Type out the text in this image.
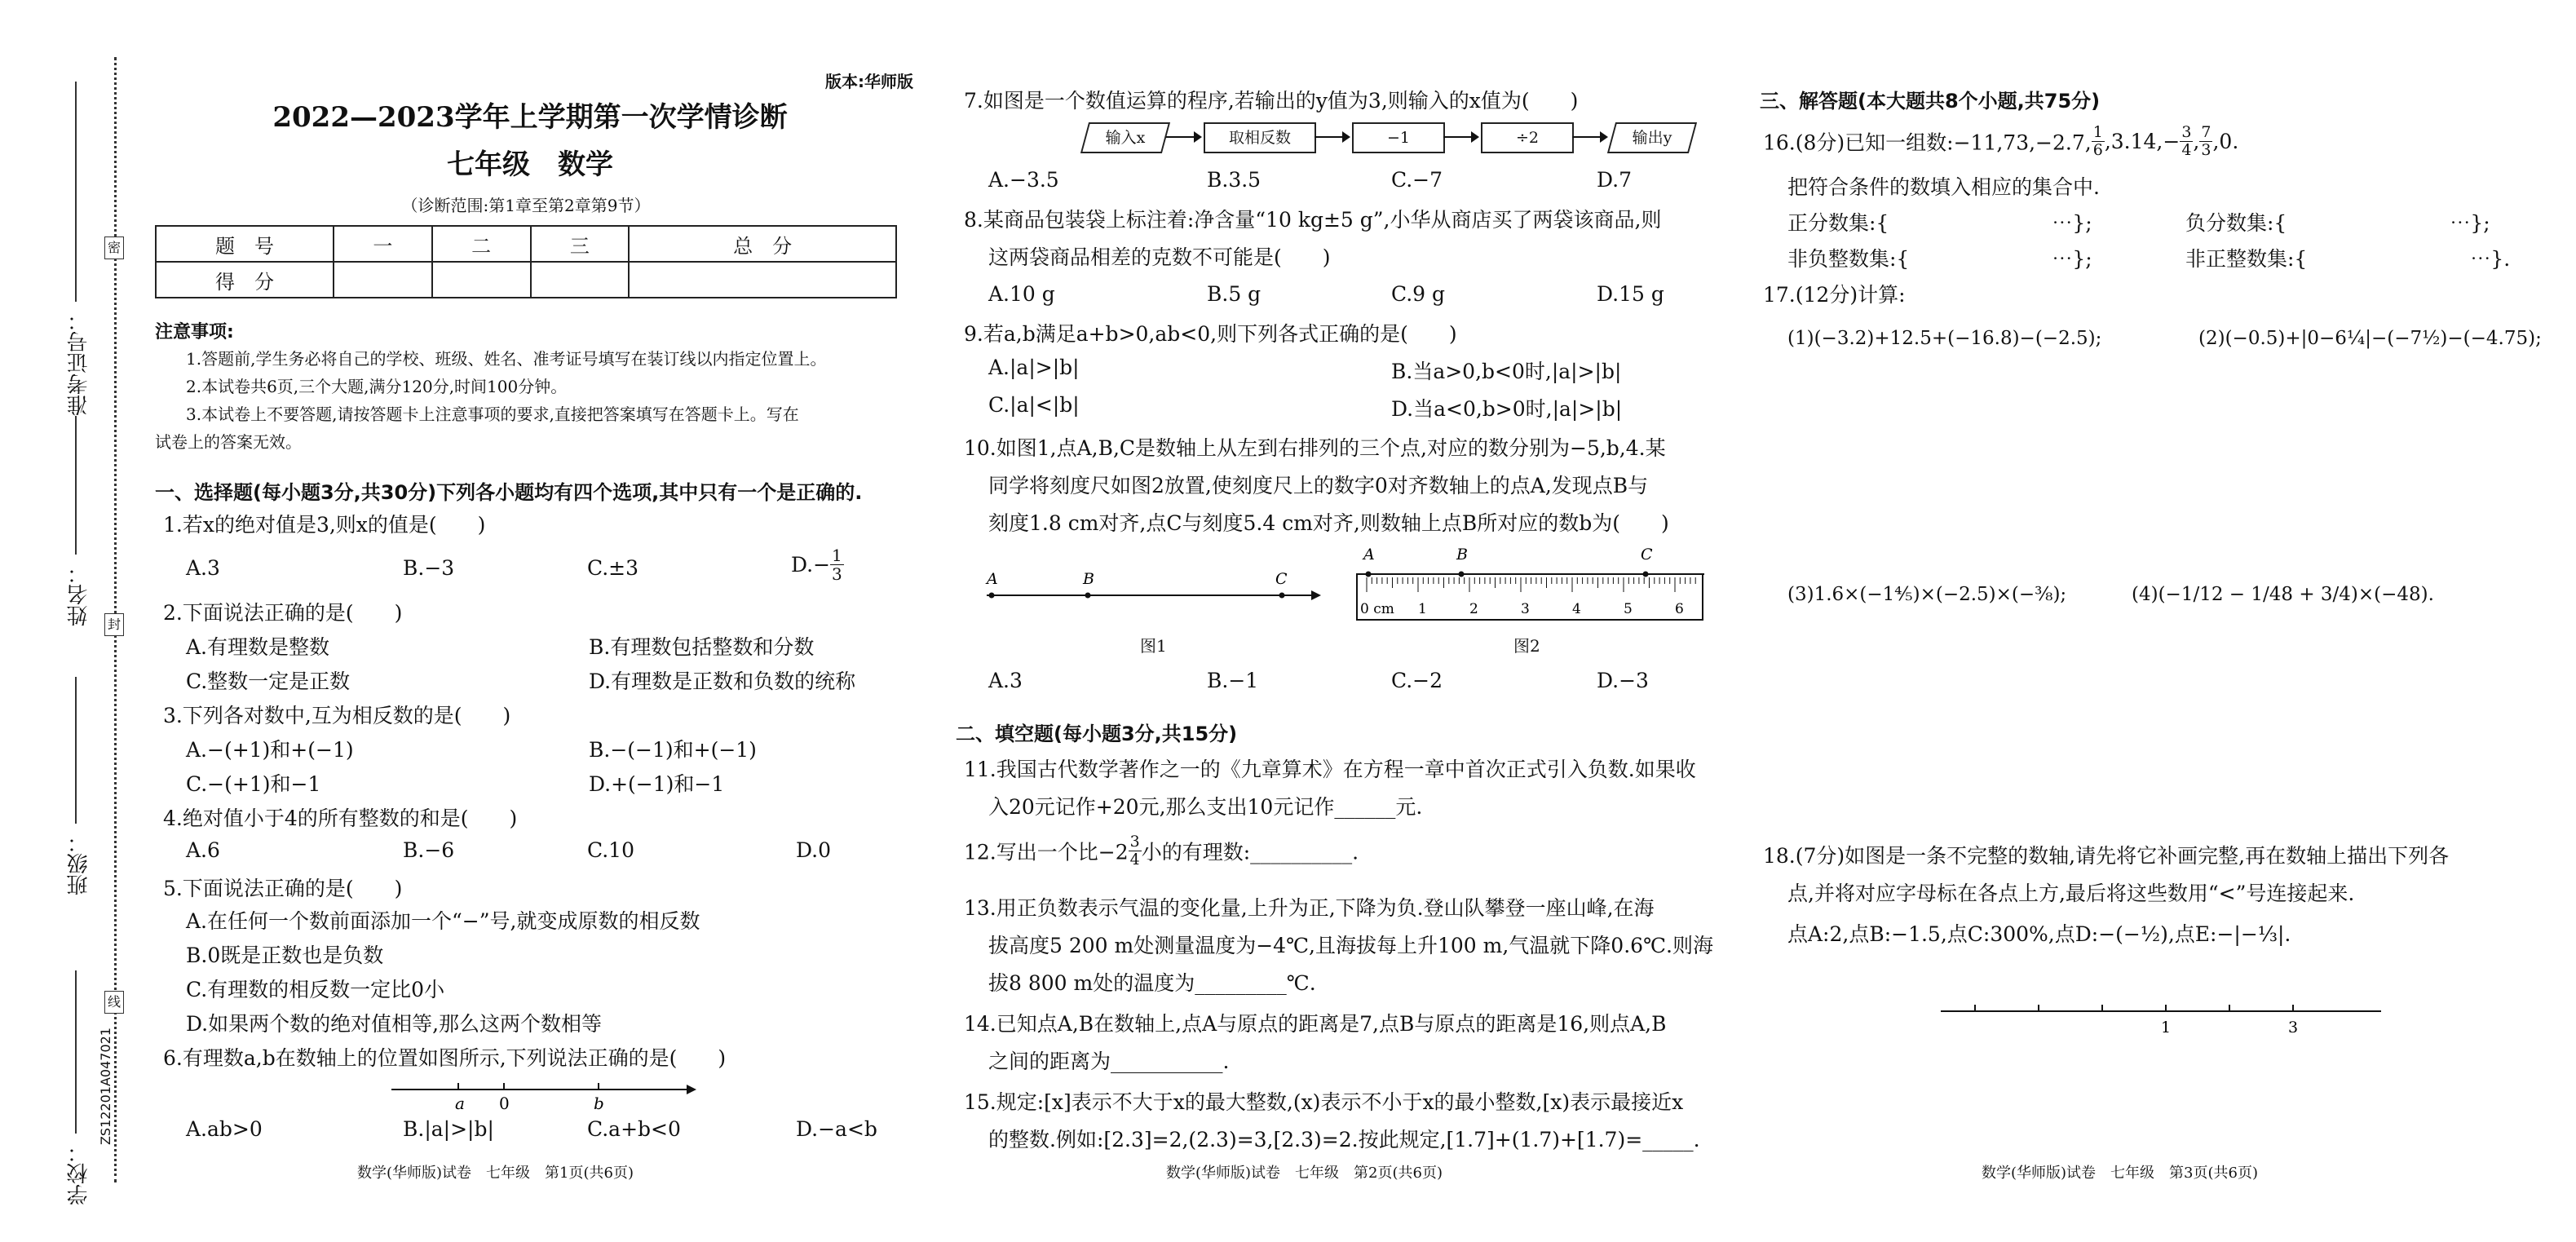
密
封
线
准考证号：
姓名：
班级：
学校：
ZS12201A047021
版本:华师版
2022—2023学年上学期第一次学情诊断
七年级　数学
（诊断范围:第1章至第2章第9节）
题　号	一	二	三	总　分
得　分				
注意事项:
1.答题前,学生务必将自己的学校、班级、姓名、准考证号填写在装订线以内指定位置上。
2.本试卷共6页,三个大题,满分120分,时间100分钟。
3.本试卷上不要答题,请按答题卡上注意事项的要求,直接把答案填写在答题卡上。写在
试卷上的答案无效。
一、选择题(每小题3分,共30分)下列各小题均有四个选项,其中只有一个是正确的.
1.若x的绝对值是3,则x的值是(　　)
A.3	B.−3	C.±3	$D.- \frac{1}{3}$
2.下面说法正确的是(　　)
A.有理数是整数	B.有理数包括整数和分数
C.整数一定是正数	D.有理数是正数和负数的统称
3.下列各对数中,互为相反数的是(　　)
A.−(+1)和+(−1)	B.−(−1)和+(−1)
C.−(+1)和−1	D.+(−1)和−1
4.绝对值小于4的所有整数的和是(　　)
A.6	B.−6	C.10	D.0
5.下面说法正确的是(　　)
A.在任何一个数前面添加一个“−”号,就变成原数的相反数
B.0既是正数也是负数
C.有理数的相反数一定比0小
D.如果两个数的绝对值相等,那么这两个数相等
6.有理数a,b在数轴上的位置如图所示,下列说法正确的是(　　)
a 0	b
A.ab>0	B.|a|>|b|	C.a+b<0	D.−a<b
数学(华师版)试卷　七年级　第1页(共6页)
7.如图是一个数值运算的程序,若输出的y值为3,则输入的x值为(　　)
输入x	取相反数	−1	÷2	输出y
A.−3.5	B.3.5	C.−7	D.7
8.某商品包装袋上标注着:净含量“10 kg±5 g”,小华从商店买了两袋该商品,则
这两袋商品相差的克数不可能是(　　)
A.10 g	B.5 g	C.9 g	D.15 g
9.若a,b满足a+b>0,ab<0,则下列各式正确的是(　　)
A.|a|>|b|	B.当a>0,b<0时,|a|>|b|
C.|a|<|b|	D.当a<0,b>0时,|a|>|b|
10.如图1,点A,B,C是数轴上从左到右排列的三个点,对应的数分别为−5,b,4.某
同学将刻度尺如图2放置,使刻度尺上的数字0对齐数轴上的点A,发现点B与
刻度1.8 cm对齐,点C与刻度5.4 cm对齐,则数轴上点B所对应的数b为(　　)
A	B	C
图1
A	B	C
0 cm 1	2	3	4	5	6
图2
A.3	B.−1	C.−2	D.−3
二、填空题(每小题3分,共15分)
11.我国古代数学著作之一的《九章算术》在方程一章中首次正式引入负数.如果收
入20元记作+20元,那么支出10元记作______元.
12.写出一个比$-2 \frac{3}{4}$ 小的有理数:__________.
13.用正负数表示气温的变化量,上升为正,下降为负.登山队攀登一座山峰,在海
拔高度5 200 m处测量温度为−4℃,且海拔每上升100 m,气温就下降0.6℃.则海
拔8 800 m处的温度为_________℃.
14.已知点A,B在数轴上,点A与原点的距离是7,点B与原点的距离是16,则点A,B
之间的距离为___________.
15.规定:[x]表示不大于x的最大整数,(x)表示不小于x的最小整数,[x)表示最接近x
的整数.例如:[2.3]=2,(2.3)=3,[2.3)=2.按此规定,[1.7]+(1.7)+[1.7)=_____.
数学(华师版)试卷　七年级　第2页(共6页)
三、解答题(本大题共8个小题,共75分)
16.(8分)已知一组数:−11,73,−2.7, $\frac{1}{6} ,3.14,- \frac{3}{4}$ , $\frac{7}{3} ,0$.
把符合条件的数填入相应的集合中.
正分数集:{　　　　　　　　⋯};	负分数集:{　　　　　　　　⋯};
非负整数集:{　　　　　　　⋯};	非正整数集:{　　　　　　　　⋯}.
17.(12分)计算:
(1)(−3.2)+12.5+(−16.8)−(−2.5);	(2)(−0.5)+|0−6¼|−(−7½)−(−4.75);
(3)1.6×(−1⅘)×(−2.5)×(−⅜);	(4)(−1/12 − 1/48 + 3/4)×(−48).
18.(7分)如图是一条不完整的数轴,请先将它补画完整,再在数轴上描出下列各
点,并将对应字母标在各点上方,最后将这些数用“<”号连接起来.
点A:2,点B:−1.5,点C:300%,点D:−(−½),点E:−|−⅓|.
1	3
数学(华师版)试卷　七年级　第3页(共6页)
